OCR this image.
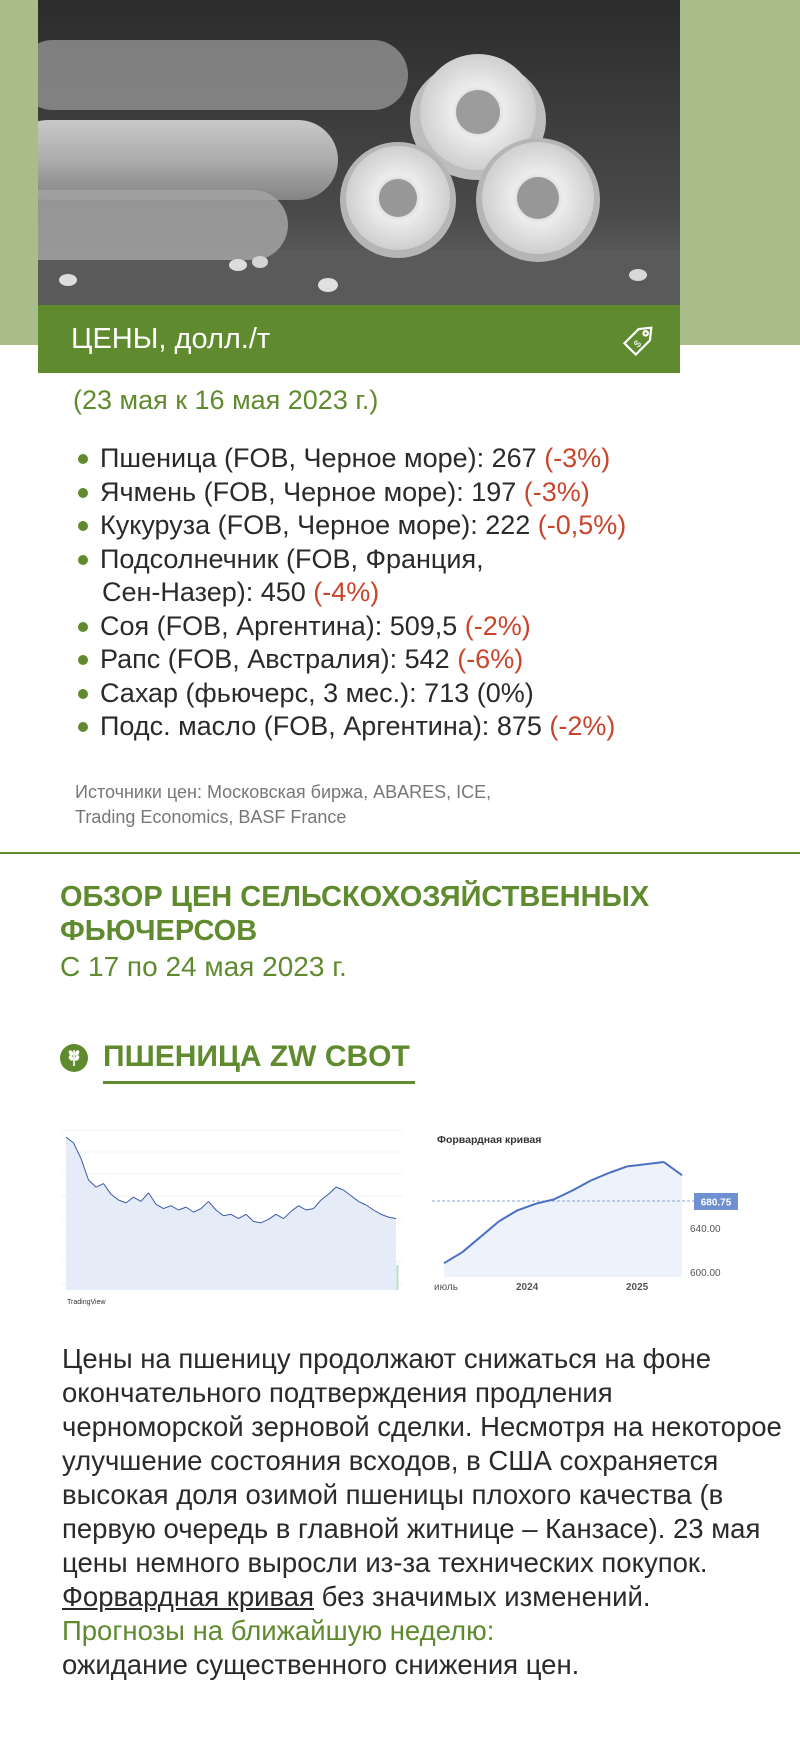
ЦЕНЫ, долл./т	$
(23 мая к 16 мая 2023 г.)
Пшеница (FOB, Черное море): 267 (-3%)
Ячмень (FOB, Черное море): 197 (-3%)
Кукуруза (FOB, Черное море): 222 (-0,5%)
Подсолнечник (FOB, Франция,
Сен-Назер): 450 (-4%)
Соя (FOB, Аргентина): 509,5 (-2%)
Рапс (FOB, Австралия): 542 (-6%)
Сахар (фьючерс, 3 мес.): 713 (0%)
Подс. масло (FOB, Аргентина): 875 (-2%)
Источники цен: Московская биржа, ABARES, ICE,
Trading Economics, BASF France
ОБЗОР ЦЕН СЕЛЬСКОХОЗЯЙСТВЕННЫХ
ФЬЮЧЕРСОВ
С 17 по 24 мая 2023 г.
ПШЕНИЦА ZW CBOT
TradingView
Форвардная кривая
680.75
600.00
640.00
июль	2024	2025

Цены на пшеницу продолжают снижаться на фоне окончательного подтверждения продления черноморской зерновой сделки. Несмотря на некоторое улучшение состояния всходов, в США сохраняется высокая доля озимой пшеницы плохого качества (в первую очередь в главной житнице – Канзасе). 23 мая цены немного выросли из-за технических покупок.

Форвардная кривая без значимых изменений.

Прогнозы на ближайшую неделю:

ожидание существенного снижения цен.
